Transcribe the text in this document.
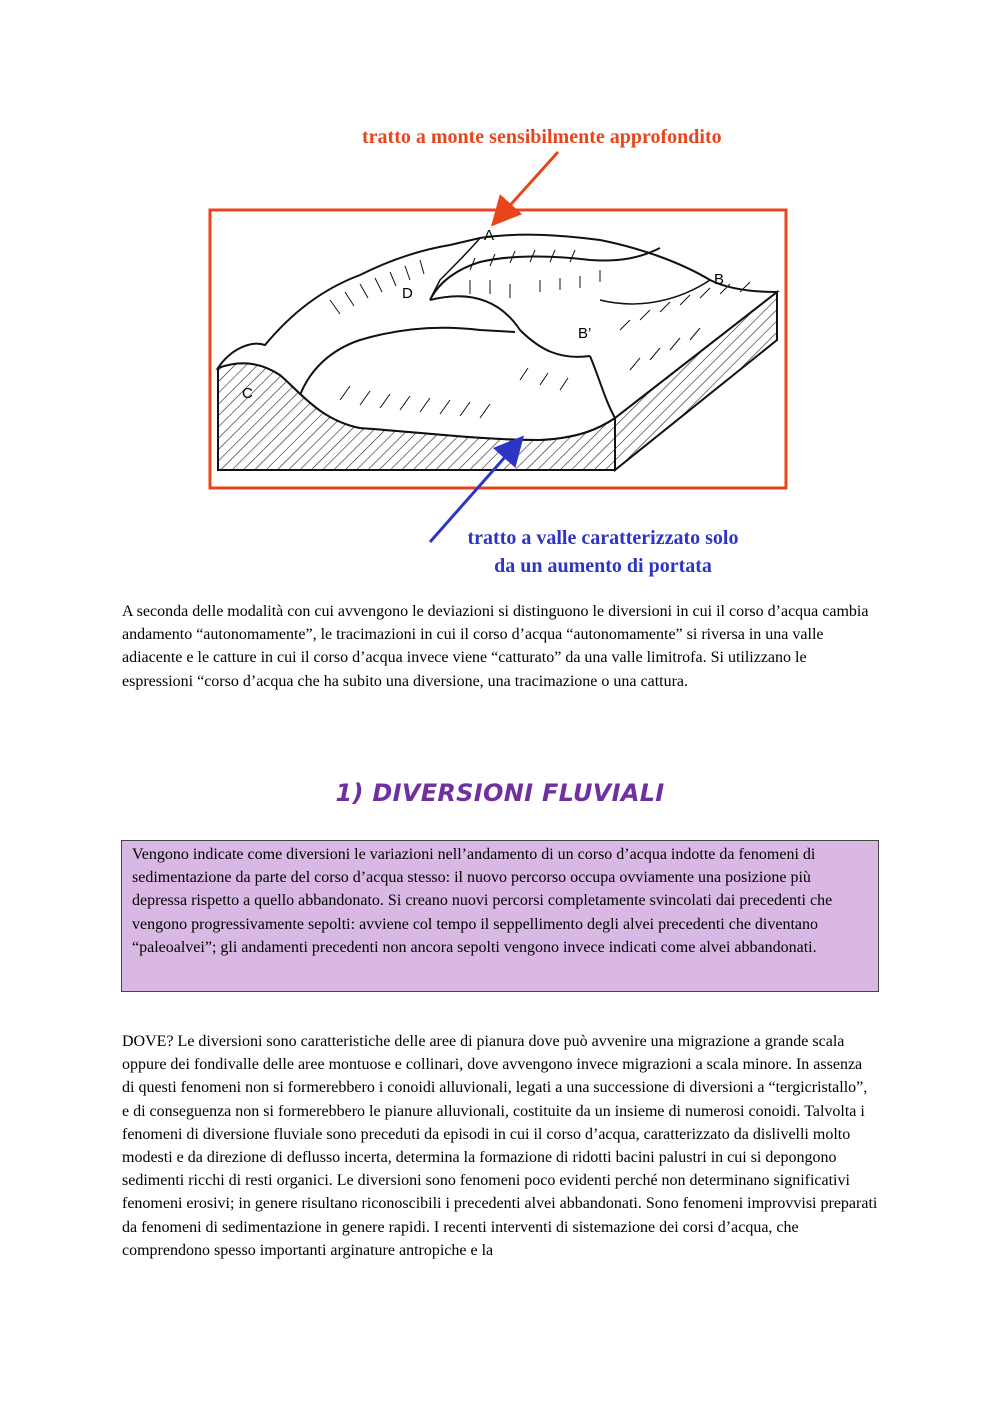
A
B
B’
C
D
tratto a monte sensibilmente approfondito
tratto a valle caratterizzato solo
da un aumento di portata

A seconda delle modalità con cui avvengono le deviazioni si distinguono le diversioni in cui il corso d’acqua cambia andamento “autonomamente”, le tracimazioni in cui il corso d’acqua “autonomamente” si riversa in una valle adiacente e le catture in cui il corso d’acqua invece viene “catturato” da una valle limitrofa. Si utilizzano le espressioni “corso d’acqua che ha subito una diversione, una tracimazione o una cattura.

1) DIVERSIONI FLUVIALI

Vengono indicate come diversioni le variazioni nell’andamento di un corso d’acqua indotte da fenomeni di sedimentazione da parte del corso d’acqua stesso: il nuovo percorso occupa ovviamente una posizione più depressa rispetto a quello abbandonato. Si creano nuovi percorsi completamente svincolati dai precedenti che vengono progressivamente sepolti: avviene col tempo il seppellimento degli alvei precedenti che diventano “paleoalvei”; gli andamenti precedenti non ancora sepolti vengono invece indicati come alvei abbandonati.

DOVE? Le diversioni sono caratteristiche delle aree di pianura dove può avvenire una migrazione a grande scala oppure dei fondivalle delle aree montuose e collinari, dove avvengono invece migrazioni a scala minore. In assenza di questi fenomeni non si formerebbero i conoidi alluvionali, legati a una successione di diversioni a “tergicristallo”, e di conseguenza non si formerebbero le pianure alluvionali, costituite da un insieme di numerosi conoidi. Talvolta i fenomeni di diversione fluviale sono preceduti da episodi in cui il corso d’acqua, caratterizzato da dislivelli molto modesti e da direzione di deflusso incerta, determina la formazione di ridotti bacini palustri in cui si depongono sedimenti ricchi di resti organici. Le diversioni sono fenomeni poco evidenti perché non determinano significativi fenomeni erosivi; in genere risultano riconoscibili i precedenti alvei abbandonati. Sono fenomeni improvvisi preparati da fenomeni di sedimentazione in genere rapidi. I recenti interventi di sistemazione dei corsi d’acqua, che comprendono spesso importanti arginature antropiche e la
